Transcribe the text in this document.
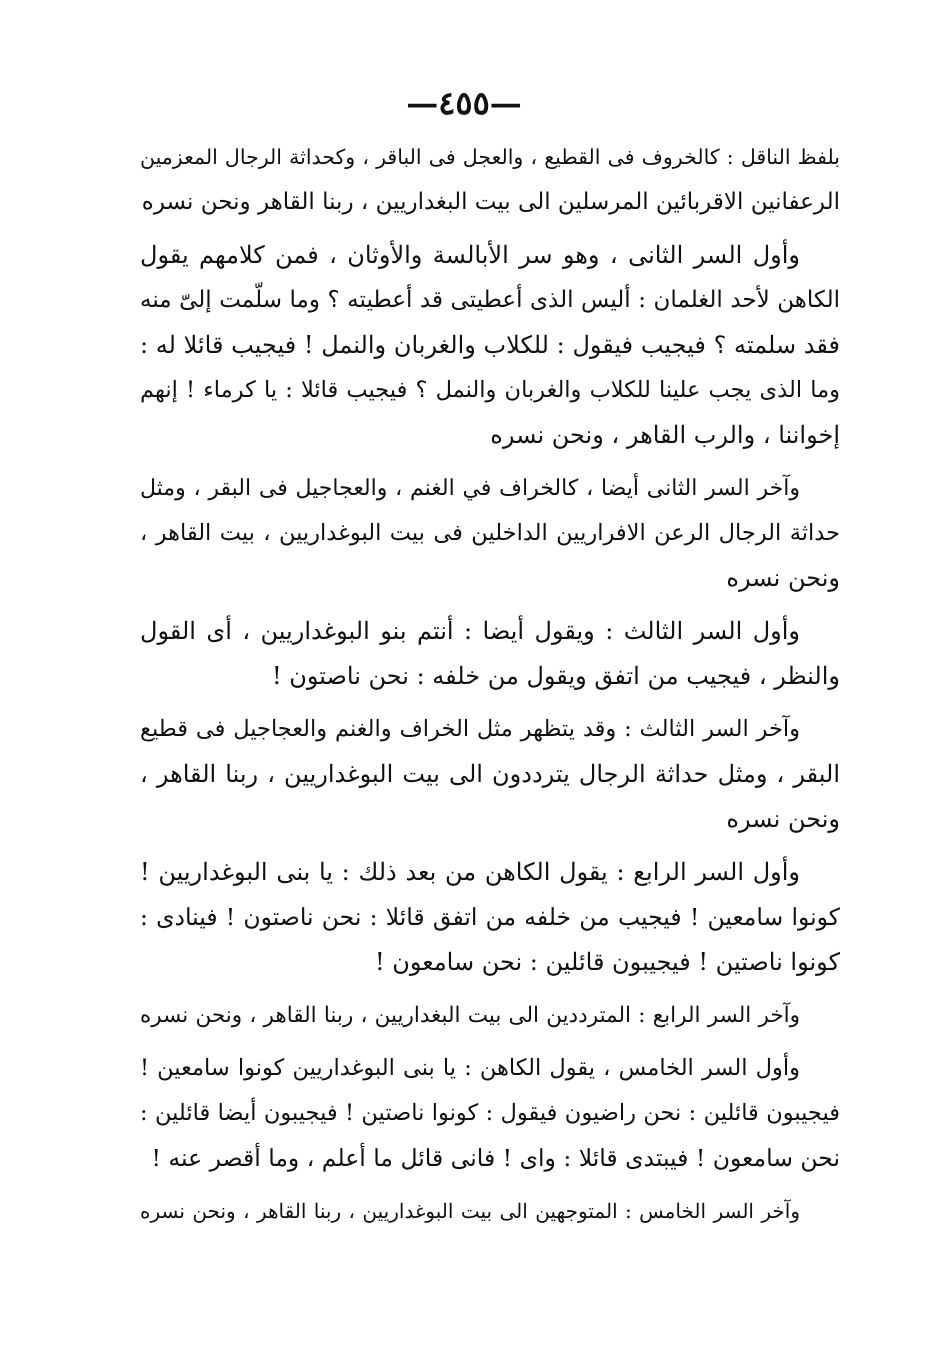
—٤٥٥—
بلفظ الناقل : كالخروف فى القطيع ، والعجل فى الباقر ، وكحداثة الرجال المعزمين
الرعفانين الاقربائين المرسلين الى بيت البغداريين ، ربنا القاهر ونحن نسره
وأول السر الثانى ، وهو سر الأبالسة والأوثان ، فمن كلامهم يقول
الكاهن لأحد الغلمان : أليس الذى أعطيتى قد أعطيته ؟ وما سلّمت إلىّ منه
فقد سلمته ؟ فيجيب فيقول : للكلاب والغربان والنمل ! فيجيب قائلا له :
وما الذى يجب علينا للكلاب والغربان والنمل ؟ فيجيب قائلا : يا كرماء ! إنهم
إخواننا ، والرب القاهر ، ونحن نسره
وآخر السر الثانى أيضا ، كالخراف في الغنم ، والعجاجيل فى البقر ، ومثل
حداثة الرجال الرعن الافراريين الداخلين فى بيت البوغداريين ، بيت القاهر ،
ونحن نسره
وأول السر الثالث : ويقول أيضا : أنتم بنو البوغداريين ، أى القول
والنظر ، فيجيب من اتفق ويقول من خلفه : نحن ناصتون !
وآخر السر الثالث : وقد يتظهر مثل الخراف والغنم والعجاجيل فى قطيع
البقر ، ومثل حداثة الرجال يترددون الى بيت البوغداريين ، ربنا القاهر ،
ونحن نسره
وأول السر الرابع : يقول الكاهن من بعد ذلك : يا بنى البوغداريين !
كونوا سامعين ! فيجيب من خلفه من اتفق قائلا : نحن ناصتون ! فينادى :
كونوا ناصتين ! فيجيبون قائلين : نحن سامعون !
وآخر السر الرابع : المترددين الى بيت البغداريين ، ربنا القاهر ، ونحن نسره
وأول السر الخامس ، يقول الكاهن : يا بنى البوغداريين كونوا سامعين !
فيجيبون قائلين : نحن راضيون فيقول : كونوا ناصتين ! فيجيبون أيضا قائلين :
نحن سامعون ! فيبتدى قائلا : واى ! فانى قائل ما أعلم ، وما أقصر عنه !
وآخر السر الخامس : المتوجهين الى بيت البوغداريين ، ربنا القاهر ، ونحن نسره
